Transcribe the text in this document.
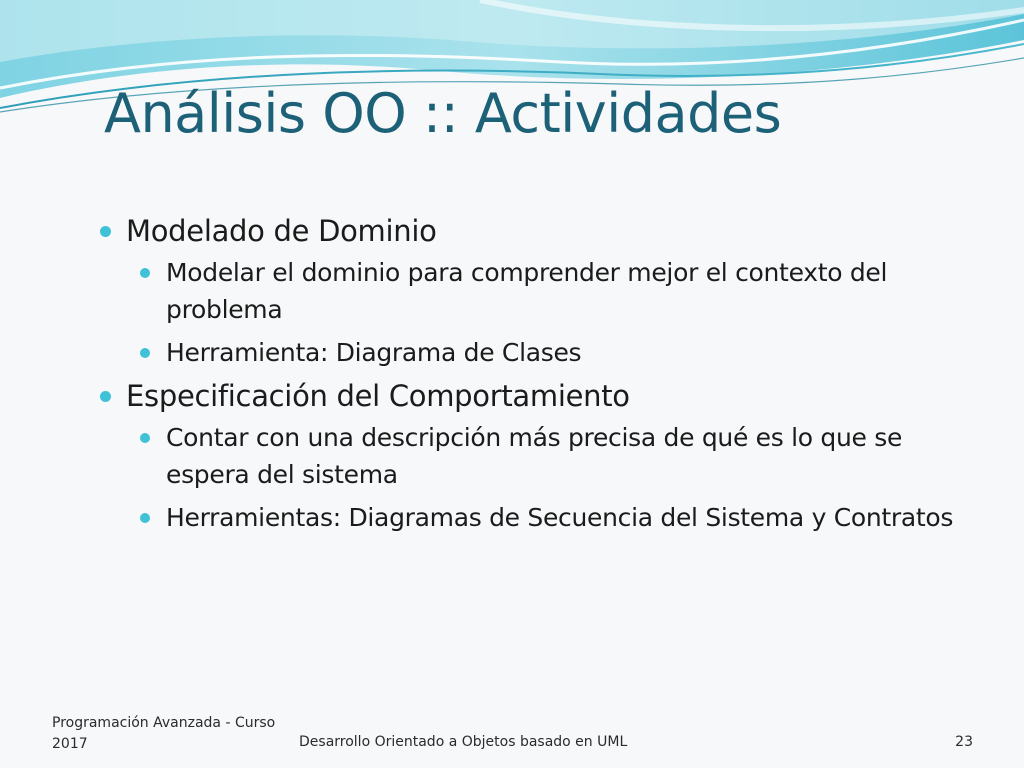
Análisis OO :: Actividades
Modelado de Dominio
Modelar el dominio para comprender mejor el contexto del problema
Herramienta: Diagrama de Clases
Especificación del Comportamiento
Contar con una descripción más precisa de qué es lo que se espera del sistema
Herramientas: Diagramas de Secuencia del Sistema y Contratos
Programación Avanzada - Curso 2017	Desarrollo Orientado a Objetos basado en UML	23
